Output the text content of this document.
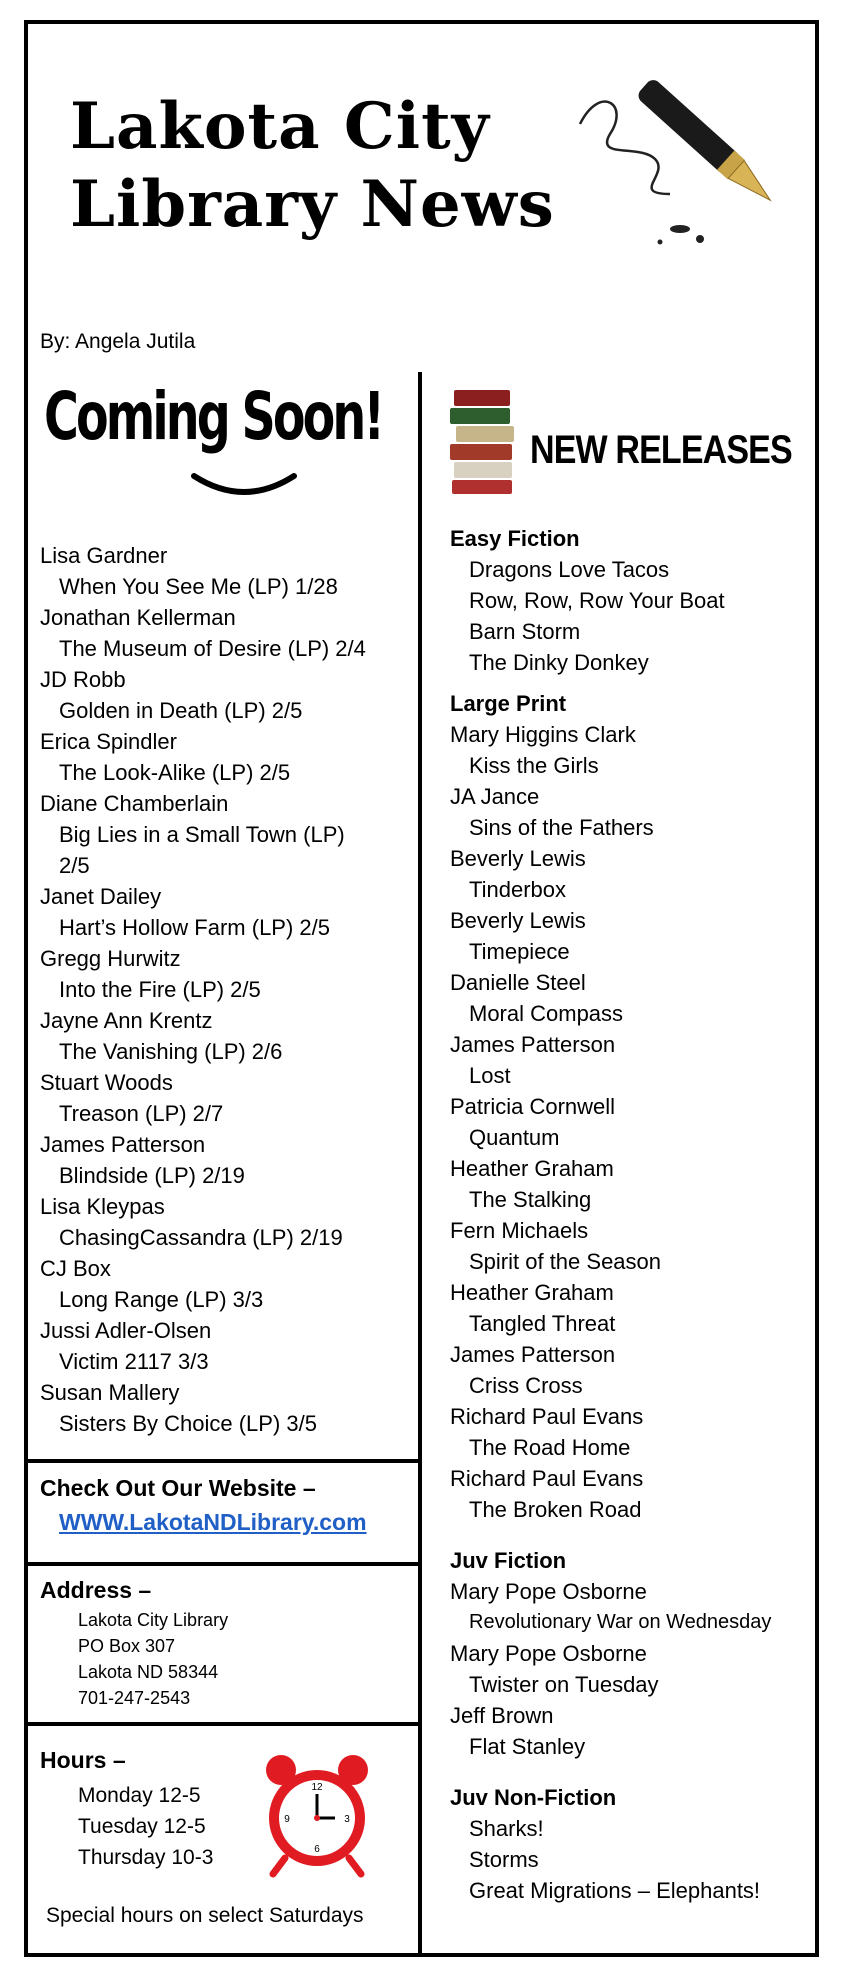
Lakota City
Library News
By: Angela Jutila
Coming Soon!
Lisa Gardner
When You See Me (LP) 1/28
Jonathan Kellerman
The Museum of Desire (LP) 2/4
JD Robb
Golden in Death (LP) 2/5
Erica Spindler
The Look-Alike (LP) 2/5
Diane Chamberlain
Big Lies in a Small Town (LP) 2/5
Janet Dailey
Hart’s Hollow Farm (LP) 2/5
Gregg Hurwitz
Into the Fire (LP) 2/5
Jayne Ann Krentz
The Vanishing (LP) 2/6
Stuart Woods
Treason (LP) 2/7
James Patterson
Blindside (LP) 2/19
Lisa Kleypas
ChasingCassandra (LP) 2/19
CJ Box
Long Range (LP) 3/3
Jussi Adler-Olsen
Victim 2117 3/3
Susan Mallery
Sisters By Choice (LP) 3/5
Check Out Our Website –
WWW.LakotaNDLibrary.com
Address –
Lakota City Library
PO Box 307
Lakota ND 58344
701-247-2543
Hours –
Monday 12-5
Tuesday 12-5
Thursday 10-3
Special hours on select Saturdays
12
3
6
9
NEW RELEASES
Easy Fiction
Dragons Love Tacos
Row, Row, Row Your Boat
Barn Storm
The Dinky Donkey
Large Print
Mary Higgins Clark
Kiss the Girls
JA Jance
Sins of the Fathers
Beverly Lewis
Tinderbox
Beverly Lewis
Timepiece
Danielle Steel
Moral Compass
James Patterson
Lost
Patricia Cornwell
Quantum
Heather Graham
The Stalking
Fern Michaels
Spirit of the Season
Heather Graham
Tangled Threat
James Patterson
Criss Cross
Richard Paul Evans
The Road Home
Richard Paul Evans
The Broken Road
Juv Fiction
Mary Pope Osborne
Revolutionary War on Wednesday
Mary Pope Osborne
Twister on Tuesday
Jeff Brown
Flat Stanley
Juv Non-Fiction
Sharks!
Storms
Great Migrations – Elephants!
